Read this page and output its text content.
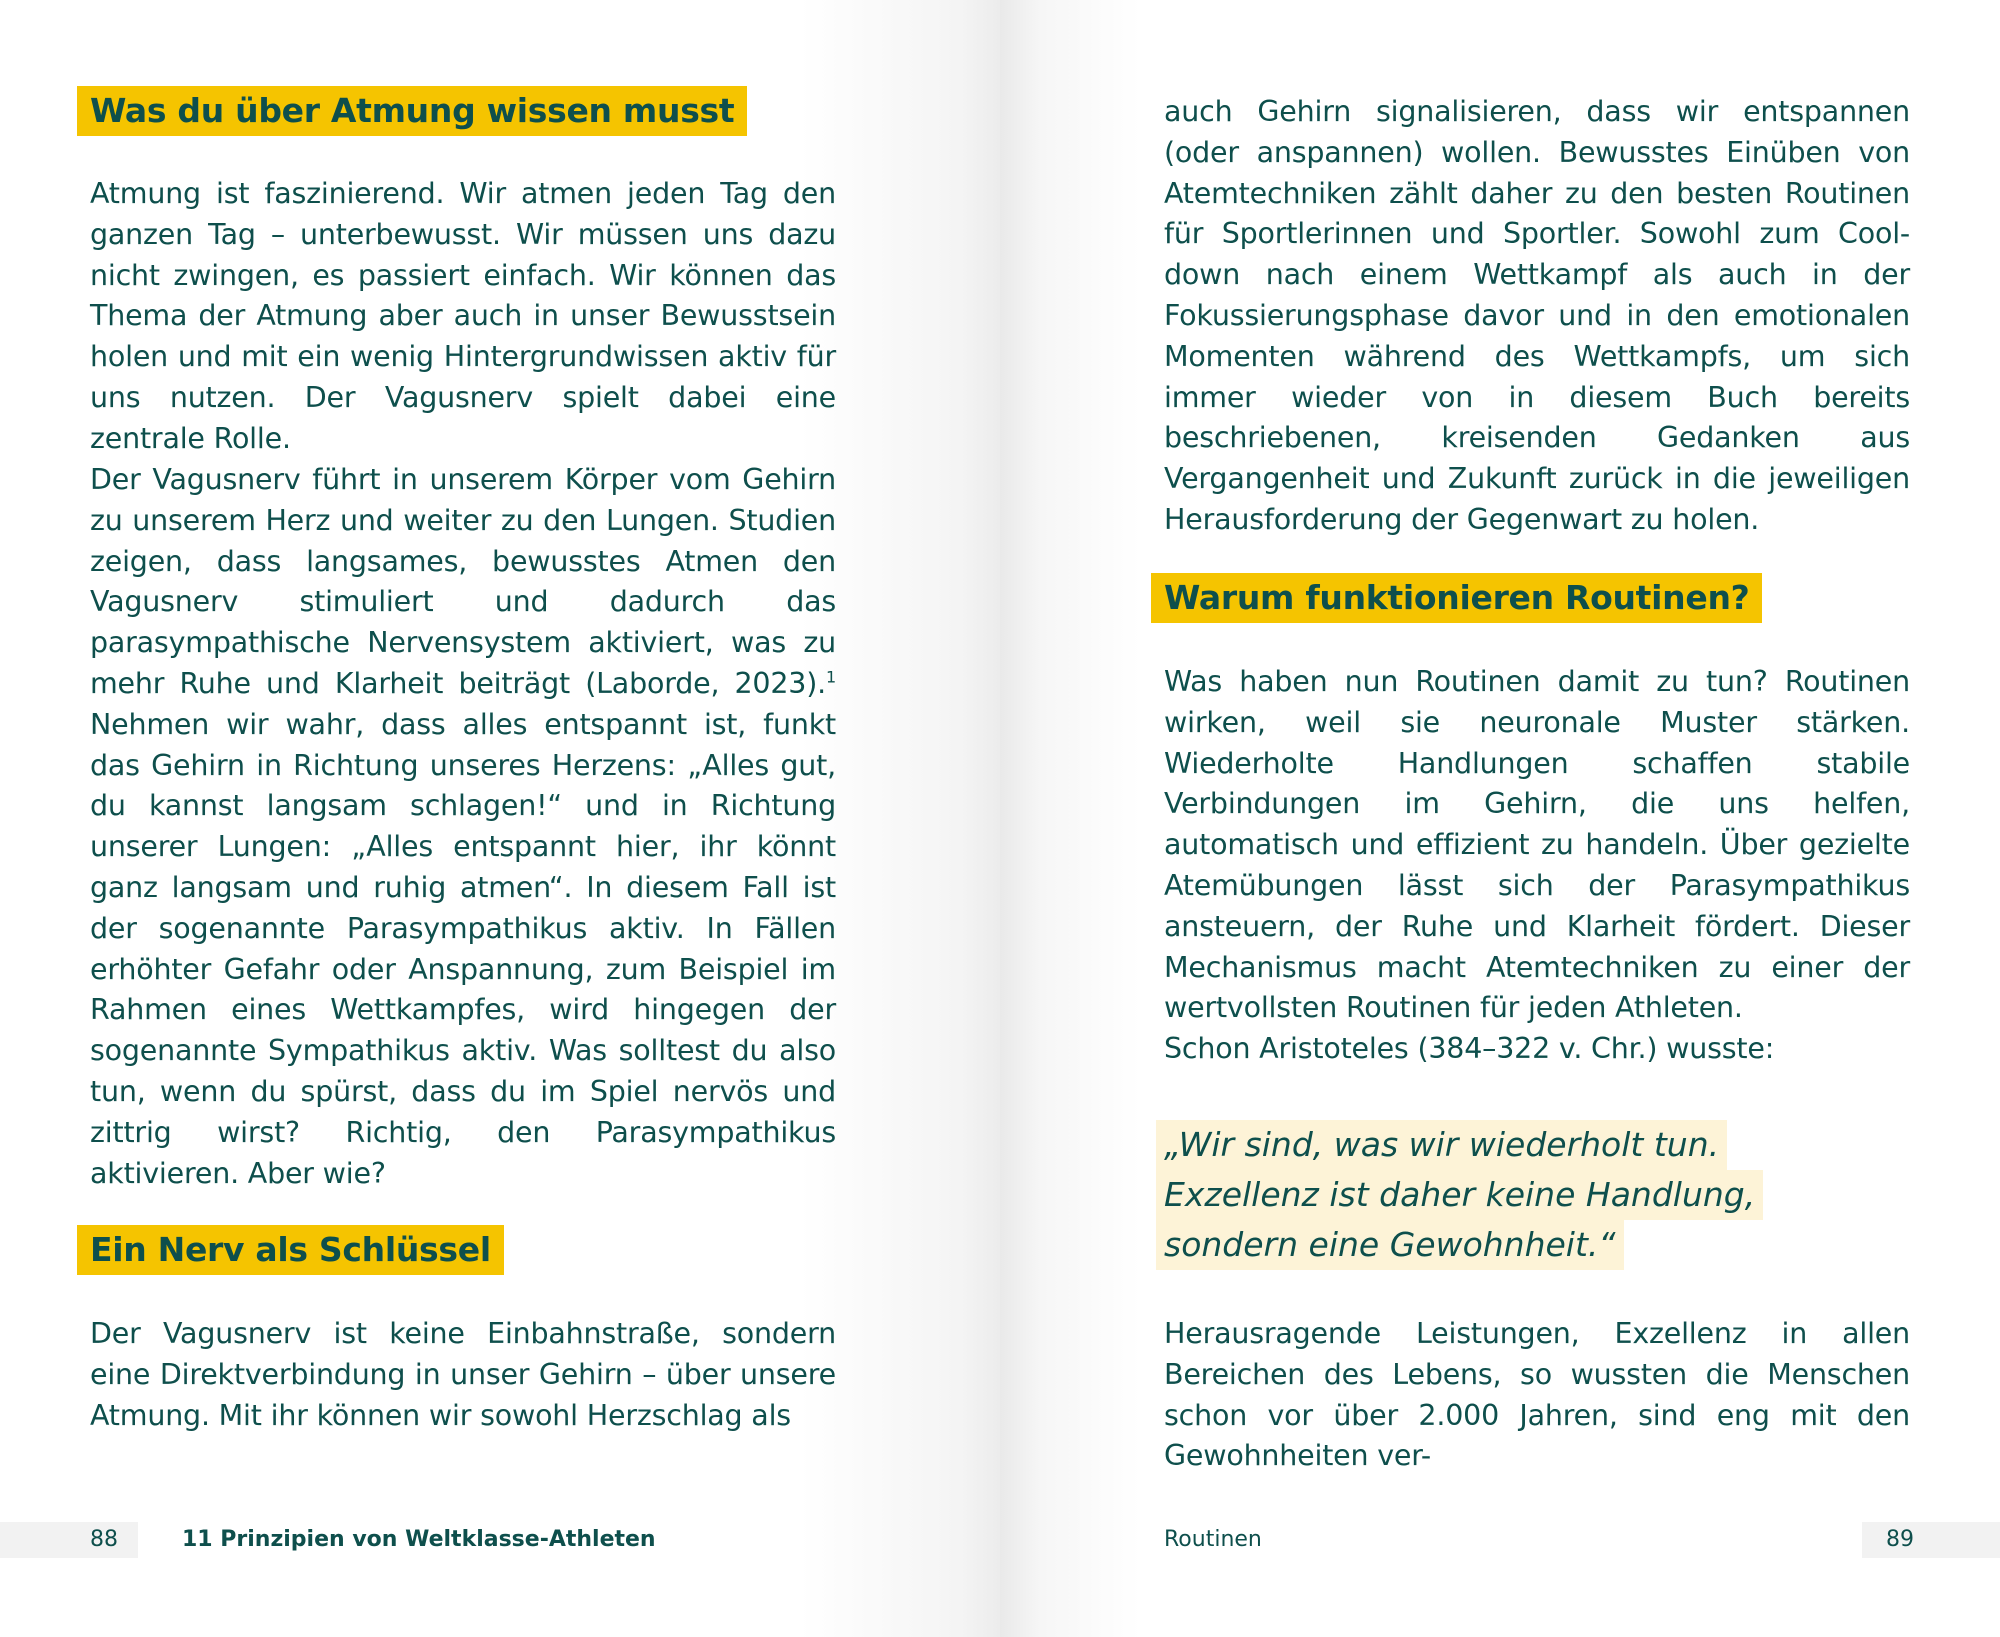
Was du über Atmung wissen musst

Atmung ist faszinierend. Wir atmen jeden Tag den ganzen Tag – unterbewusst. Wir müssen uns dazu nicht zwingen, es passiert einfach. Wir können das Thema der Atmung aber auch in unser Bewusstsein holen und mit ein wenig Hintergrundwissen aktiv für uns nutzen. Der Vagusnerv spielt dabei eine zentrale Rolle.

Der Vagusnerv führt in unserem Körper vom Gehirn zu unserem Herz und weiter zu den Lungen. Studien zeigen, dass langsames, bewusstes Atmen den Vagusnerv stimuliert und dadurch das parasympathische Nervensystem aktiviert, was zu mehr Ruhe und Klarheit beiträgt (Laborde, 2023).$^1$ Nehmen wir wahr, dass alles entspannt ist, funkt das Gehirn in Richtung unseres Herzens: „Alles gut, du kannst langsam schlagen!“ und in Richtung unserer Lungen: „Alles entspannt hier, ihr könnt ganz langsam und ruhig atmen“. In diesem Fall ist der sogenannte Parasympathikus aktiv. In Fällen erhöhter Gefahr oder Anspannung, zum Beispiel im Rahmen eines Wettkampfes, wird hingegen der sogenannte Sympathikus aktiv. Was solltest du also tun, wenn du spürst, dass du im Spiel nervös und zittrig wirst? Richtig, den Parasympathikus aktivieren. Aber wie?

Ein Nerv als Schlüssel

Der Vagusnerv ist keine Einbahnstraße, sondern eine Direktverbindung in unser Gehirn – über unsere Atmung. Mit ihr können wir sowohl Herzschlag als

88	11 Prinzipien von Weltklasse-Athleten

auch Gehirn signalisieren, dass wir entspannen (oder anspannen) wollen. Bewusstes Einüben von Atemtechniken zählt daher zu den besten Routinen für Sportlerinnen und Sportler. Sowohl zum Cool-down nach einem Wettkampf als auch in der Fokussierungsphase davor und in den emotionalen Momenten während des Wettkampfs, um sich immer wieder von in diesem Buch bereits beschriebenen, kreisenden Gedanken aus Vergangenheit und Zukunft zurück in die jeweiligen Herausforderung der Gegenwart zu holen.

Warum funktionieren Routinen?

Was haben nun Routinen damit zu tun? Routinen wirken, weil sie neuronale Muster stärken. Wiederholte Handlungen schaffen stabile Verbindungen im Gehirn, die uns helfen, automatisch und effizient zu handeln. Über gezielte Atemübungen lässt sich der Parasympathikus ansteuern, der Ruhe und Klarheit fördert. Dieser Mechanismus macht Atemtechniken zu einer der wertvollsten Routinen für jeden Athleten.

Schon Aristoteles (384–322 v. Chr.) wusste:

„Wir sind, was wir wiederholt tun.
Exzellenz ist daher keine Handlung,
sondern eine Gewohnheit.“

Herausragende Leistungen, Exzellenz in allen Bereichen des Lebens, so wussten die Menschen schon vor über 2.000 Jahren, sind eng mit den Gewohnheiten ver-

Routinen	89
